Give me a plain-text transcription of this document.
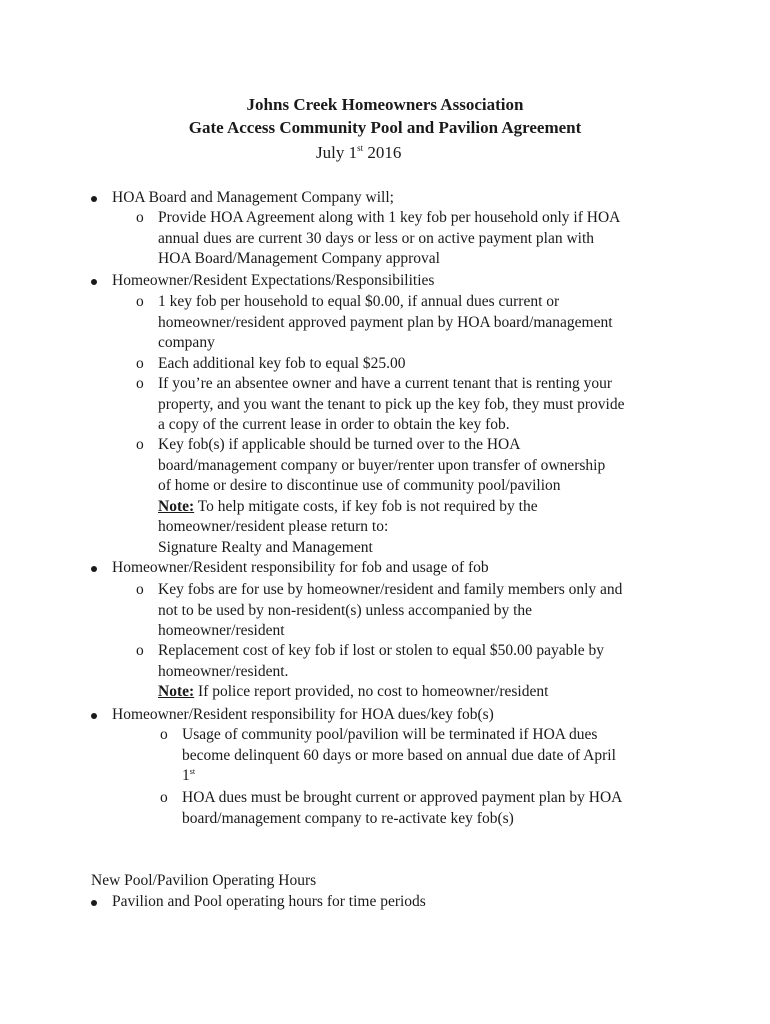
Johns Creek Homeowners Association
Gate Access Community Pool and Pavilion Agreement
July 1st 2016
HOA Board and Management Company will;
o Provide HOA Agreement along with 1 key fob per household only if HOA
annual dues are current 30 days or less or on active payment plan with
HOA Board/Management Company approval
Homeowner/Resident Expectations/Responsibilities
o 1 key fob per household to equal $0.00, if annual dues current or
homeowner/resident approved payment plan by HOA board/management
company
o Each additional key fob to equal $25.00
o If you’re an absentee owner and have a current tenant that is renting your
property, and you want the tenant to pick up the key fob, they must provide
a copy of the current lease in order to obtain the key fob.
o Key fob(s) if applicable should be turned over to the HOA
board/management company or buyer/renter upon transfer of ownership
of home or desire to discontinue use of community pool/pavilion
Note: To help mitigate costs, if key fob is not required by the
homeowner/resident please return to:
Signature Realty and Management
Homeowner/Resident responsibility for fob and usage of fob
o Key fobs are for use by homeowner/resident and family members only and
not to be used by non-resident(s) unless accompanied by the
homeowner/resident
o Replacement cost of key fob if lost or stolen to equal $50.00 payable by
homeowner/resident.
Note: If police report provided, no cost to homeowner/resident
Homeowner/Resident responsibility for HOA dues/key fob(s)
o Usage of community pool/pavilion will be terminated if HOA dues
become delinquent 60 days or more based on annual due date of April
1st
o HOA dues must be brought current or approved payment plan by HOA
board/management company to re-activate key fob(s)
New Pool/Pavilion Operating Hours
Pavilion and Pool operating hours for time periods
